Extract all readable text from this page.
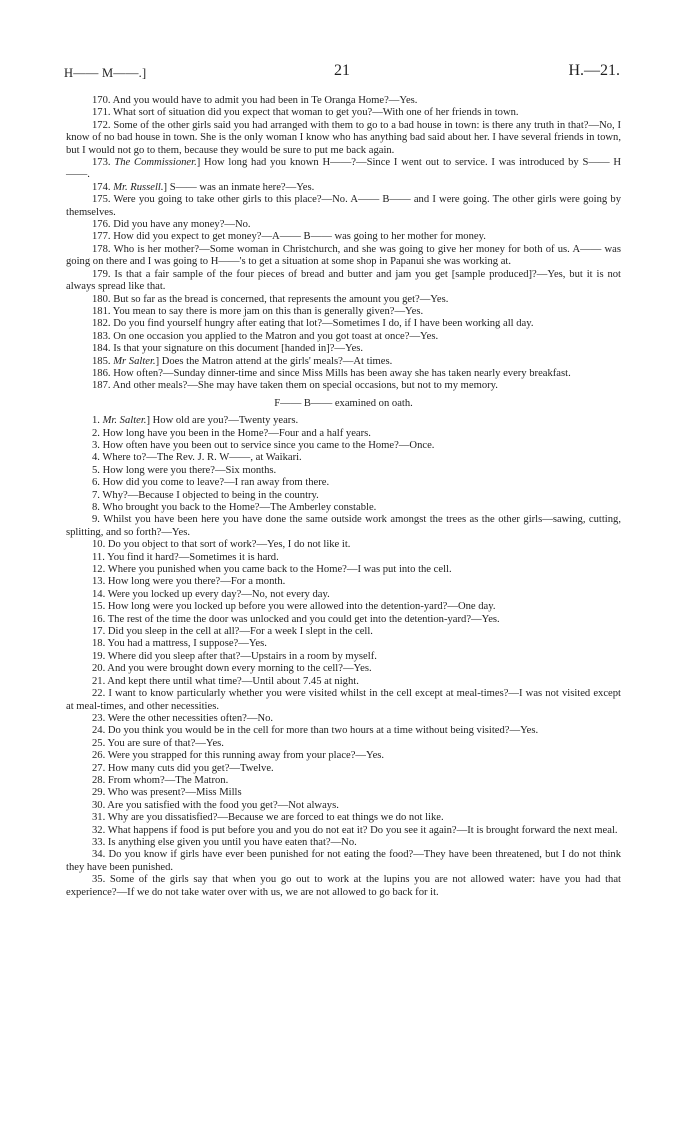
H—— M——.]	21	H.—21.

170. And you would have to admit you had been in Te Oranga Home?—Yes.

171. What sort of situation did you expect that woman to get you?—With one of her friends in town.

172. Some of the other girls said you had arranged with them to go to a bad house in town: is there any truth in that?—No, I know of no bad house in town. She is the only woman I know who has anything bad said about her. I have several friends in town, but I would not go to them, because they would be sure to put me back again.

173. The Commissioner.] How long had you known H——?—Since I went out to service. I was introduced by S—— H——.

174. Mr. Russell.] S—— was an inmate here?—Yes.

175. Were you going to take other girls to this place?—No. A—— B—— and I were going. The other girls were going by themselves.

176. Did you have any money?—No.

177. How did you expect to get money?—A—— B—— was going to her mother for money.

178. Who is her mother?—Some woman in Christchurch, and she was going to give her money for both of us. A—— was going on there and I was going to H——'s to get a situation at some shop in Papanui she was working at.

179. Is that a fair sample of the four pieces of bread and butter and jam you get [sample produced]?—Yes, but it is not always spread like that.

180. But so far as the bread is concerned, that represents the amount you get?—Yes.

181. You mean to say there is more jam on this than is generally given?—Yes.

182. Do you find yourself hungry after eating that lot?—Sometimes I do, if I have been working all day.

183. On one occasion you applied to the Matron and you got toast at once?—Yes.

184. Is that your signature on this document [handed in]?—Yes.

185. Mr Salter.] Does the Matron attend at the girls' meals?—At times.

186. How often?—Sunday dinner-time and since Miss Mills has been away she has taken nearly every breakfast.

187. And other meals?—She may have taken them on special occasions, but not to my memory.

F—— B—— examined on oath.

1. Mr. Salter.] How old are you?—Twenty years.

2. How long have you been in the Home?—Four and a half years.

3. How often have you been out to service since you came to the Home?—Once.

4. Where to?—The Rev. J. R. W——, at Waikari.

5. How long were you there?—Six months.

6. How did you come to leave?—I ran away from there.

7. Why?—Because I objected to being in the country.

8. Who brought you back to the Home?—The Amberley constable.

9. Whilst you have been here you have done the same outside work amongst the trees as the other girls—sawing, cutting, splitting, and so forth?—Yes.

10. Do you object to that sort of work?—Yes, I do not like it.

11. You find it hard?—Sometimes it is hard.

12. Where you punished when you came back to the Home?—I was put into the cell.

13. How long were you there?—For a month.

14. Were you locked up every day?—No, not every day.

15. How long were you locked up before you were allowed into the detention-yard?—One day.

16. The rest of the time the door was unlocked and you could get into the detention-yard?—Yes.

17. Did you sleep in the cell at all?—For a week I slept in the cell.

18. You had a mattress, I suppose?—Yes.

19. Where did you sleep after that?—Upstairs in a room by myself.

20. And you were brought down every morning to the cell?—Yes.

21. And kept there until what time?—Until about 7.45 at night.

22. I want to know particularly whether you were visited whilst in the cell except at meal-times?—I was not visited except at meal-times, and other necessities.

23. Were the other necessities often?—No.

24. Do you think you would be in the cell for more than two hours at a time without being visited?—Yes.

25. You are sure of that?—Yes.

26. Were you strapped for this running away from your place?—Yes.

27. How many cuts did you get?—Twelve.

28. From whom?—The Matron.

29. Who was present?—Miss Mills

30. Are you satisfied with the food you get?—Not always.

31. Why are you dissatisfied?—Because we are forced to eat things we do not like.

32. What happens if food is put before you and you do not eat it? Do you see it again?—It is brought forward the next meal.

33. Is anything else given you until you have eaten that?—No.

34. Do you know if girls have ever been punished for not eating the food?—They have been threatened, but I do not think they have been punished.

35. Some of the girls say that when you go out to work at the lupins you are not allowed water: have you had that experience?—If we do not take water over with us, we are not allowed to go back for it.
